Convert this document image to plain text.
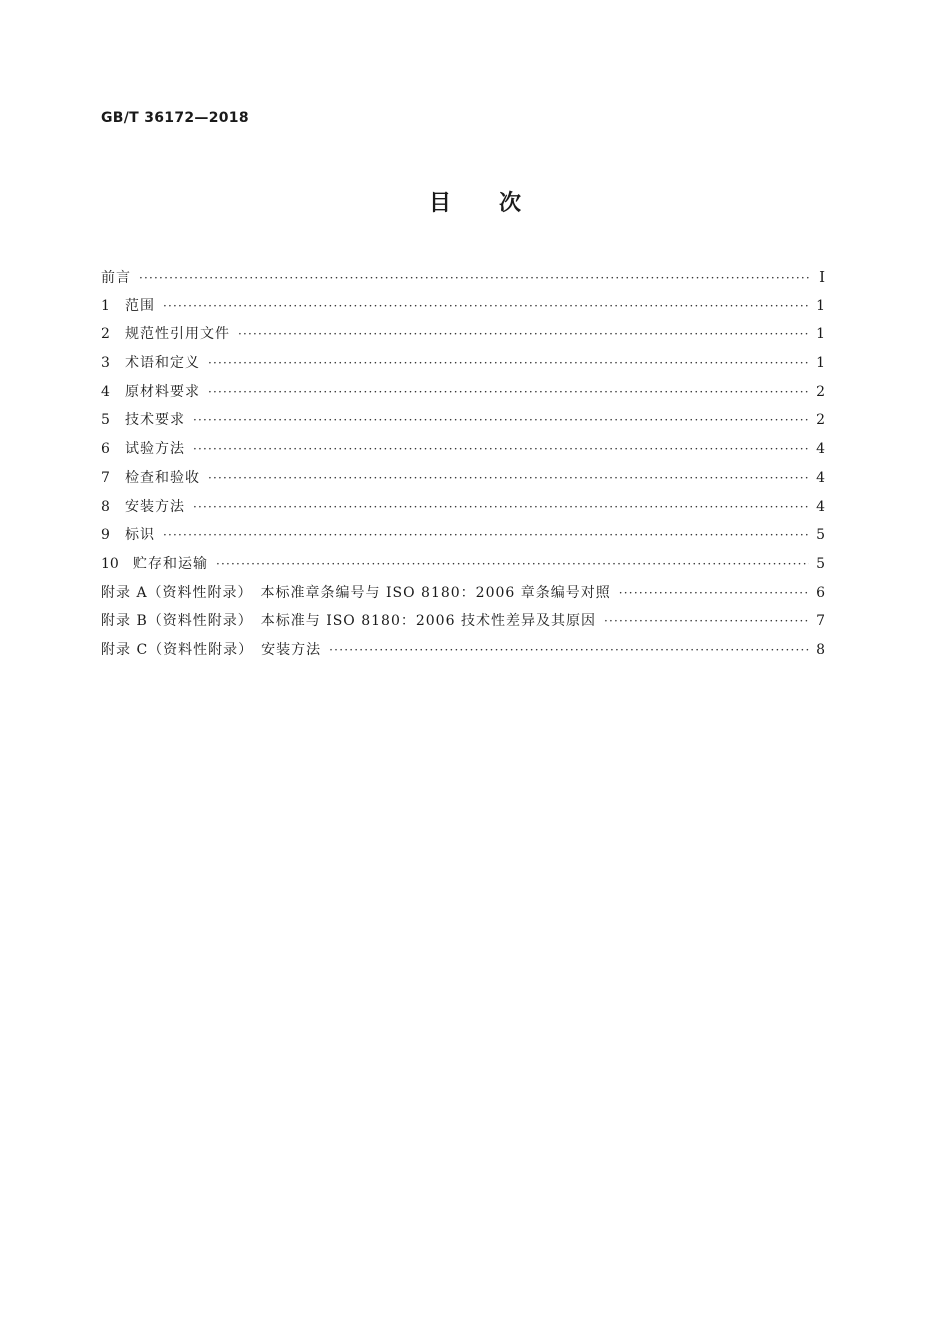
GB/T 36172—2018
目次
前言 ·····	Ⅰ
1	范围 ·····	1
2	规范性引用文件 ·····	1
3	术语和定义 ·····	1
4	原材料要求 ·····	2
5	技术要求 ·····	2
6	试验方法 ·····	4
7	检查和验收 ·····	4
8	安装方法 ·····	4
9	标识 ·····	5
10	贮存和运输 ·····	5
附录 A（资料性附录）　本标准章条编号与 ISO 8180：2006 章条编号对照 ·····	6
附录 B（资料性附录）　本标准与 ISO 8180：2006 技术性差异及其原因 ·····	7
附录 C（资料性附录）　安装方法 ·····	8
